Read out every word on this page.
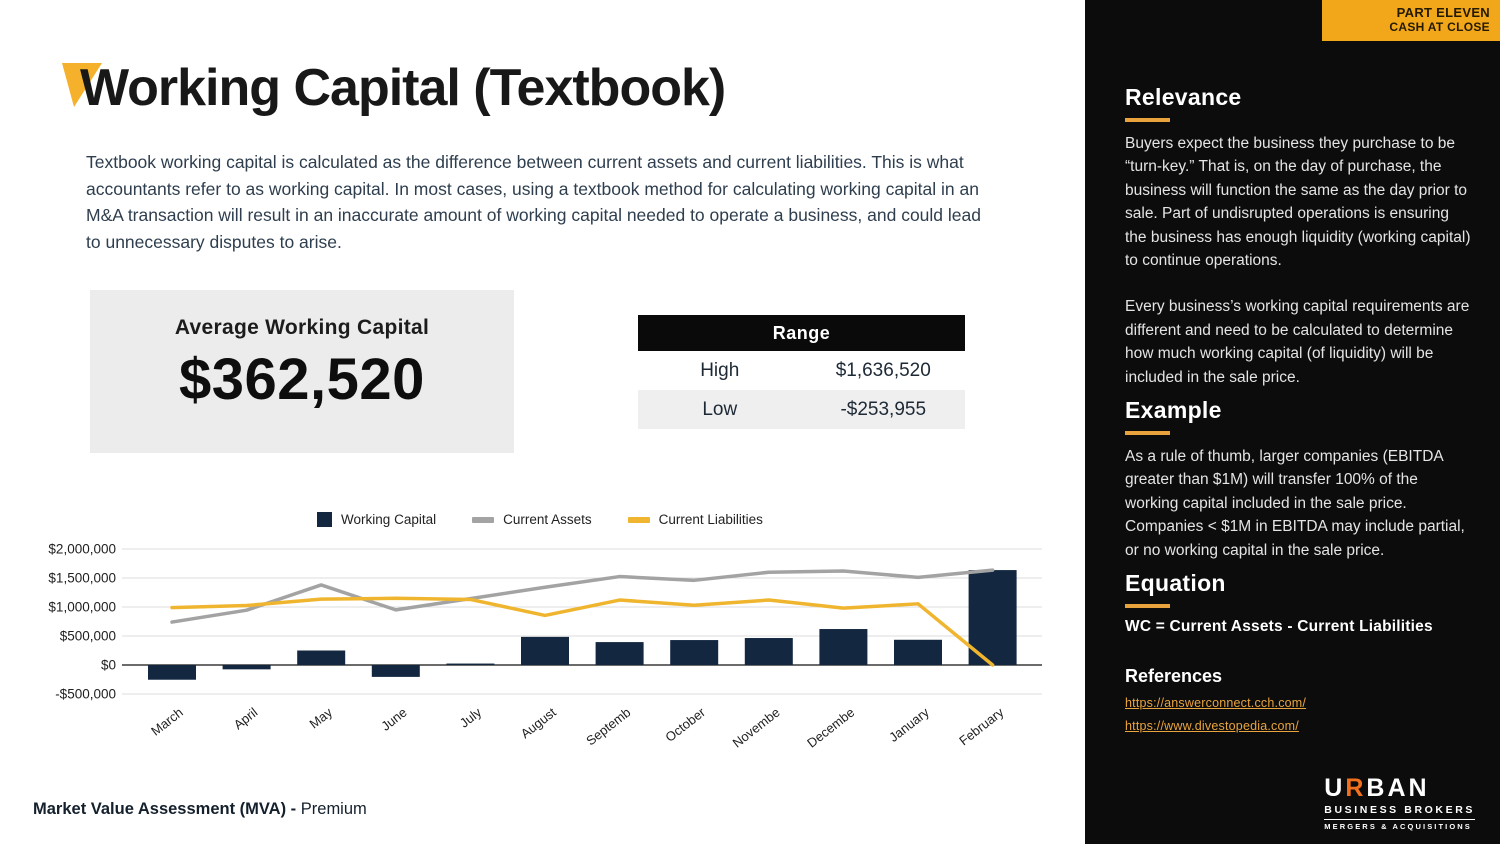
Working Capital (Textbook)

Textbook working capital is calculated as the difference between current assets and current liabilities. This is what accountants refer to as working capital. In most cases, using a textbook method for calculating working capital in an M&A transaction will result in an inaccurate amount of working capital needed to operate a business, and could lead to unnecessary disputes to arise.

Average Working Capital
$362,520
Range
High	$1,636,520
Low	-$253,955
Working Capital	Current Assets	Current Liabilities
$2,000,000
$1,500,000
$1,000,000
$500,000
$0
-$500,000
March	April	May	June	July	August Septemb October Novembe Decembe January February
Market Value Assessment (MVA) - Premium
PART ELEVEN
CASH AT CLOSE
Relevance

Buyers expect the business they purchase to be “turn-key.” That is, on the day of purchase, the business will function the same as the day prior to sale. Part of undisrupted operations is ensuring the business has enough liquidity (working capital) to continue operations.

Every business’s working capital requirements are different and need to be calculated to determine how much working capital (of liquidity) will be included in the sale price.

Example

As a rule of thumb, larger companies (EBITDA greater than $1M) will transfer 100% of the working capital included in the sale price. Companies < $1M in EBITDA may include partial, or no working capital in the sale price.

Equation
WC = Current Assets - Current Liabilities
References
https://answerconnect.cch.com/
https://www.divestopedia.com/
URBAN
BUSINESS BROKERS
MERGERS & ACQUISITIONS
